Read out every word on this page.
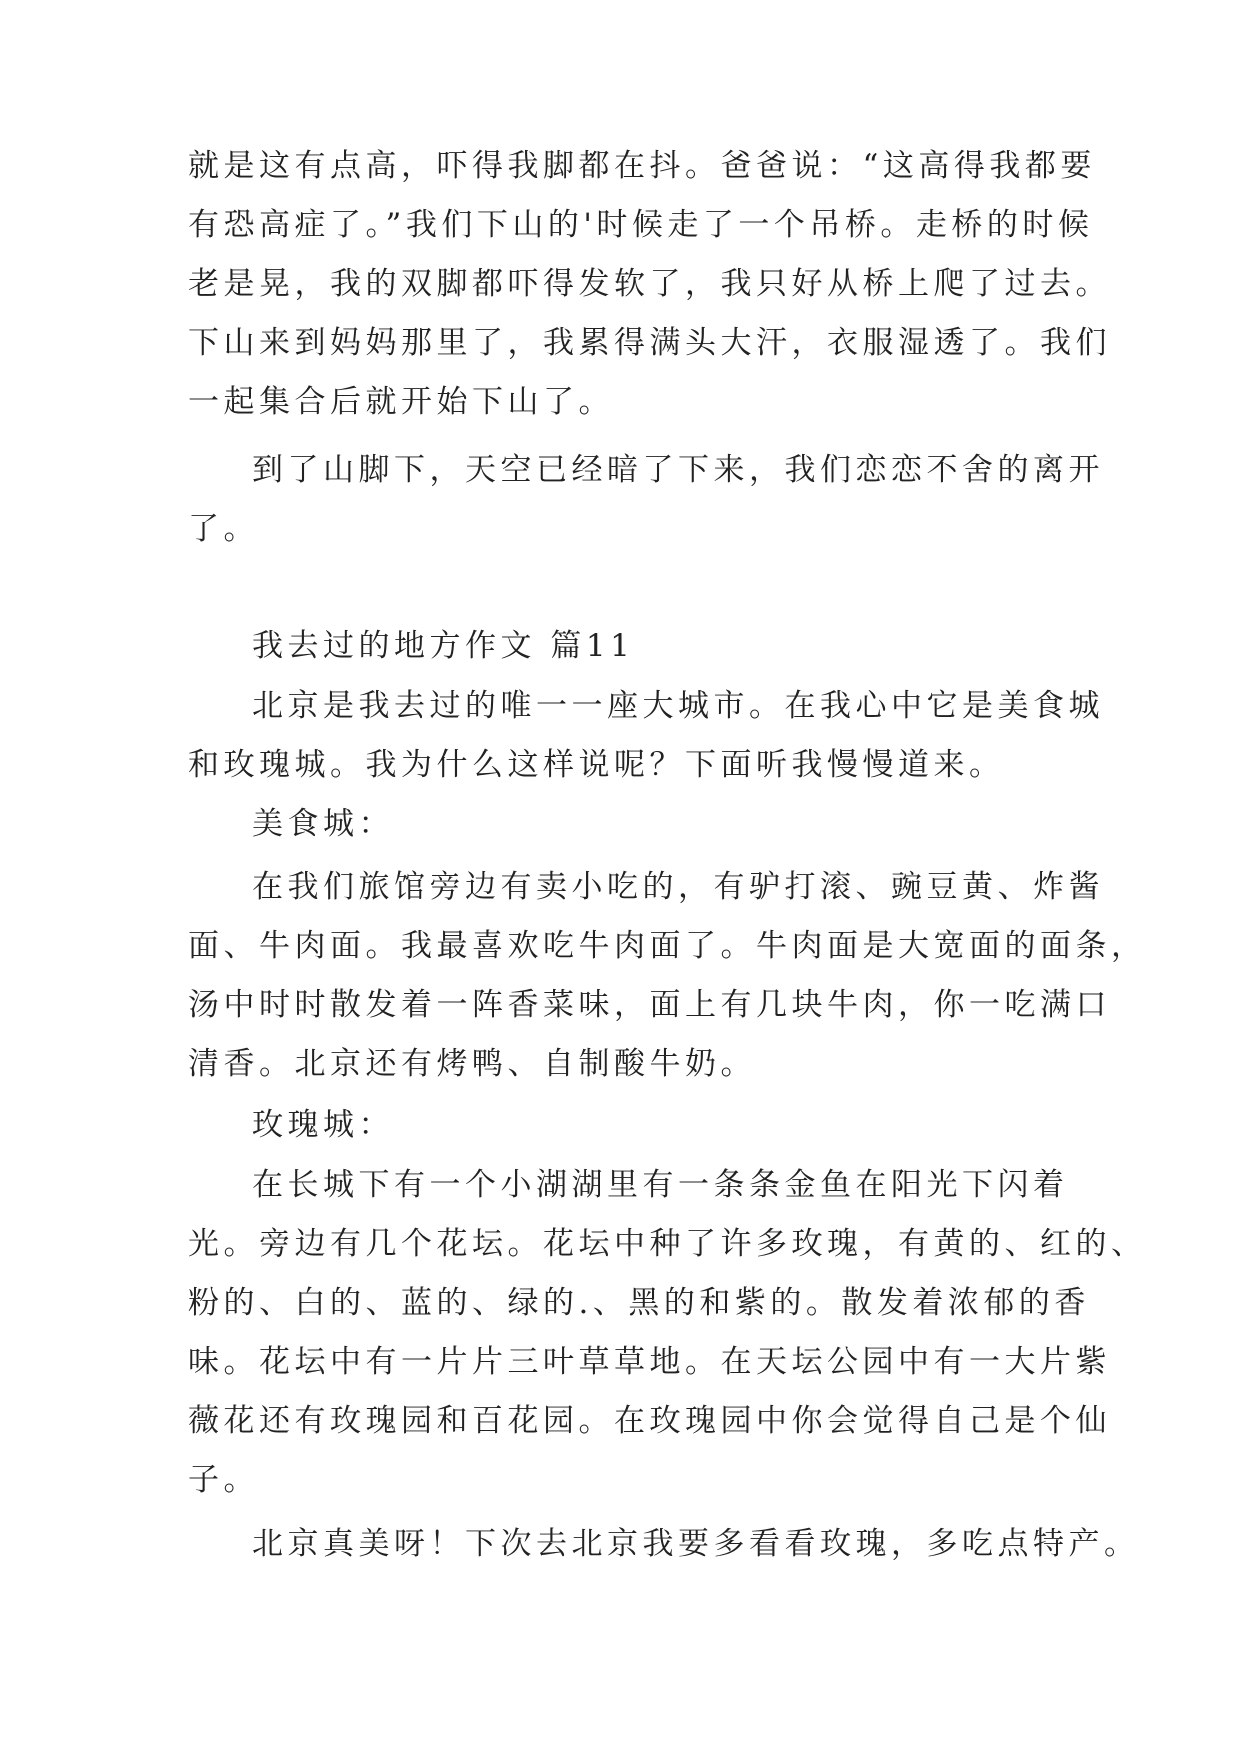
就是这有点高，吓得我脚都在抖。爸爸说：“这高得我都要
有恐高症了。”我们下山的'时候走了一个吊桥。走桥的时候
老是晃，我的双脚都吓得发软了，我只好从桥上爬了过去。
下山来到妈妈那里了，我累得满头大汗，衣服湿透了。我们
一起集合后就开始下山了。
到了山脚下，天空已经暗了下来，我们恋恋不舍的离开
了。
我去过的地方作文 篇11
北京是我去过的唯一一座大城市。在我心中它是美食城
和玫瑰城。我为什么这样说呢？下面听我慢慢道来。
美食城：
在我们旅馆旁边有卖小吃的，有驴打滚、豌豆黄、炸酱
面、牛肉面。我最喜欢吃牛肉面了。牛肉面是大宽面的面条，
汤中时时散发着一阵香菜味，面上有几块牛肉，你一吃满口
清香。北京还有烤鸭、自制酸牛奶。
玫瑰城：
在长城下有一个小湖湖里有一条条金鱼在阳光下闪着
光。旁边有几个花坛。花坛中种了许多玫瑰，有黄的、红的、
粉的、白的、蓝的、绿的.、黑的和紫的。散发着浓郁的香
味。花坛中有一片片三叶草草地。在天坛公园中有一大片紫
薇花还有玫瑰园和百花园。在玫瑰园中你会觉得自己是个仙
子。
北京真美呀！下次去北京我要多看看玫瑰，多吃点特产。
